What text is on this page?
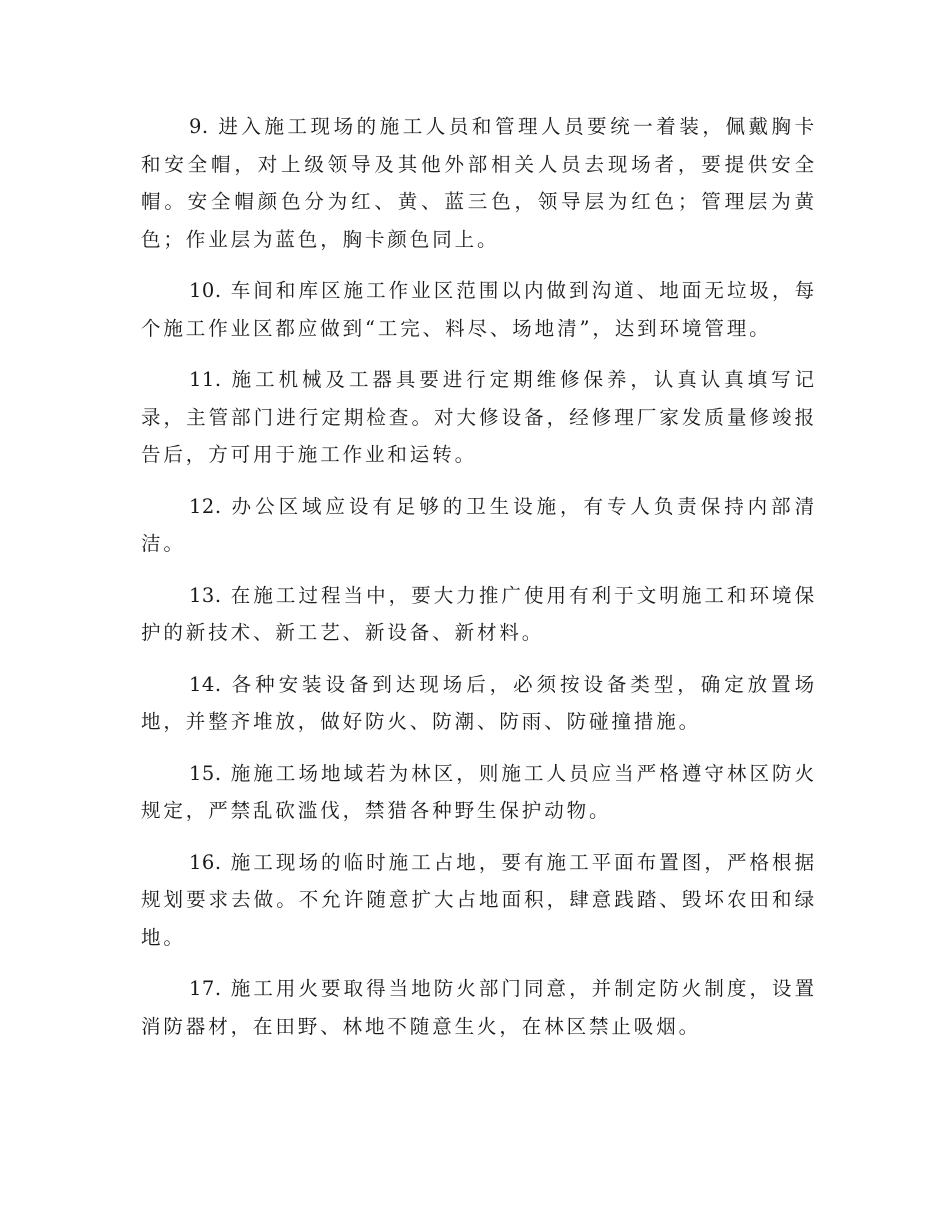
9. 进入施工现场的施工人员和管理人员要统一着装，佩戴胸卡和安全帽，对上级领导及其他外部相关人员去现场者，要提供安全帽。安全帽颜色分为红、黄、蓝三色，领导层为红色；管理层为黄色；作业层为蓝色，胸卡颜色同上。

10. 车间和库区施工作业区范围以内做到沟道、地面无垃圾，每个施工作业区都应做到“工完、料尽、场地清”，达到环境管理。

11. 施工机械及工器具要进行定期维修保养，认真认真填写记录，主管部门进行定期检查。对大修设备，经修理厂家发质量修竣报告后，方可用于施工作业和运转。

12. 办公区域应设有足够的卫生设施，有专人负责保持内部清洁。

13. 在施工过程当中，要大力推广使用有利于文明施工和环境保护的新技术、新工艺、新设备、新材料。

14. 各种安装设备到达现场后，必须按设备类型，确定放置场地，并整齐堆放，做好防火、防潮、防雨、防碰撞措施。

15. 施施工场地域若为林区，则施工人员应当严格遵守林区防火规定，严禁乱砍滥伐，禁猎各种野生保护动物。

16. 施工现场的临时施工占地，要有施工平面布置图，严格根据规划要求去做。不允许随意扩大占地面积，肆意践踏、毁坏农田和绿地。

17. 施工用火要取得当地防火部门同意，并制定防火制度，设置消防器材，在田野、林地不随意生火，在林区禁止吸烟。
